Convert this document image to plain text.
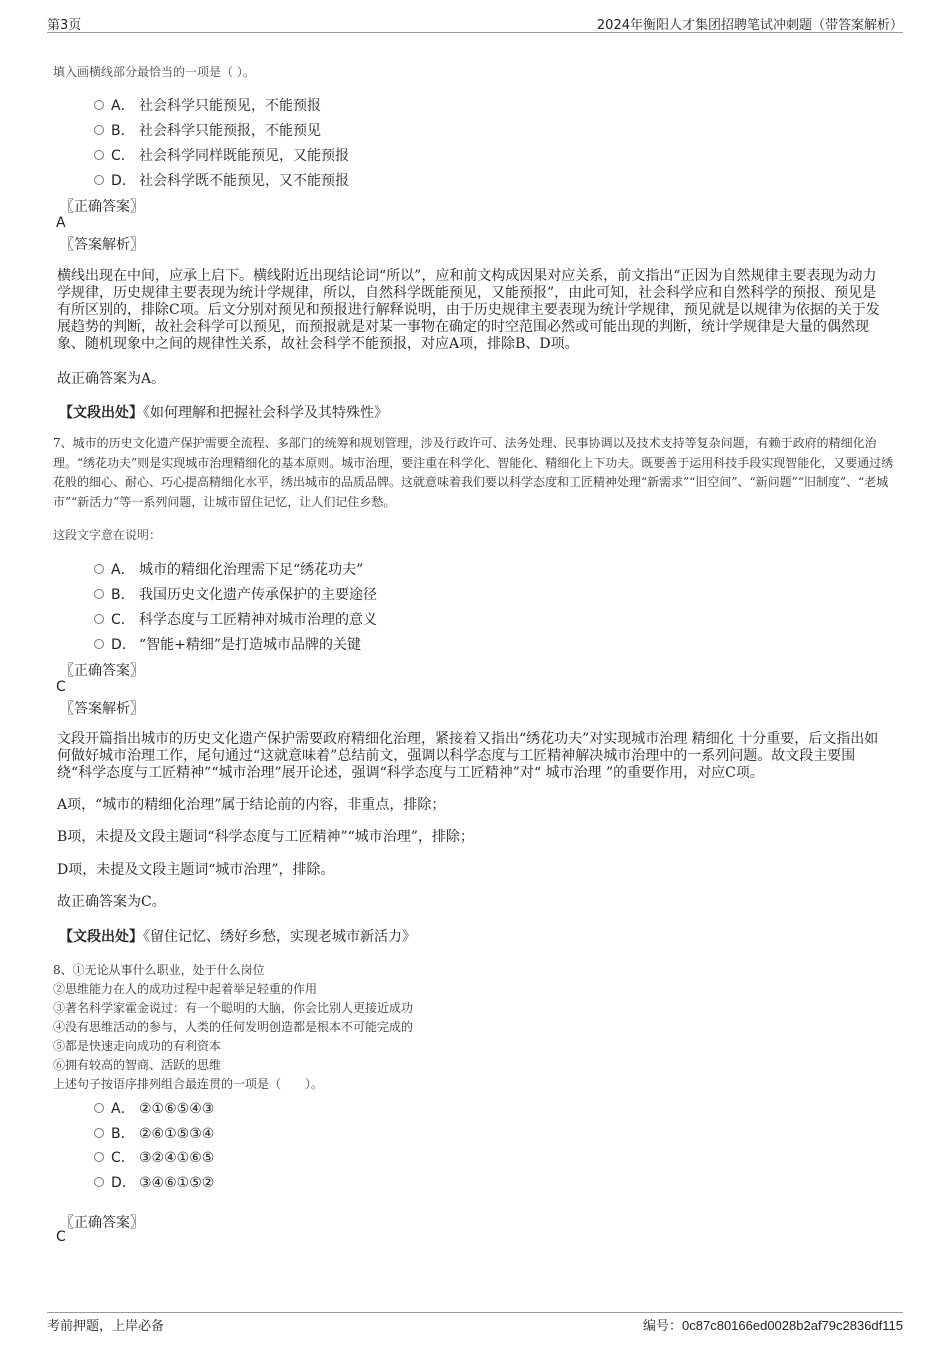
第3页	2024年衡阳人才集团招聘笔试冲刺题（带答案解析）
填入画横线部分最恰当的一项是（ ）。
A． 社会科学只能预见，不能预报
B． 社会科学只能预报，不能预见
C． 社会科学同样既能预见，又能预报
D． 社会科学既不能预见，又不能预报
〖正确答案〗
A
〖答案解析〗
横线出现在中间，应承上启下。横线附近出现结论词“所以”，应和前文构成因果对应关系，前文指出“正因为自然规律主要表现为动力学规律，历史规律主要表现为统计学规律，所以，自然科学既能预见，又能预报”，由此可知，社会科学应和自然科学的预报、预见是有所区别的，排除C项。后文分别对预见和预报进行解释说明，由于历史规律主要表现为统计学规律，预见就是以规律为依据的关于发展趋势的判断，故社会科学可以预见，而预报就是对某一事物在确定的时空范围必然或可能出现的判断，统计学规律是大量的偶然现象、随机现象中之间的规律性关系，故社会科学不能预报，对应A项，排除B、D项。
故正确答案为A。
【文段出处】《如何理解和把握社会科学及其特殊性》
7、城市的历史文化遗产保护需要全流程、多部门的统筹和规划管理，涉及行政许可、法务处理、民事协调以及技术支持等复杂问题，有赖于政府的精细化治理。“绣花功夫”则是实现城市治理精细化的基本原则。城市治理，要注重在科学化、智能化、精细化上下功夫。既要善于运用科技手段实现智能化，又要通过绣花般的细心、耐心、巧心提高精细化水平，绣出城市的品质品牌。这就意味着我们要以科学态度和工匠精神处理“新需求”“旧空间”、“新问题”“旧制度”、“老城市”“新活力”等一系列问题，让城市留住记忆，让人们记住乡愁。
这段文字意在说明：
A． 城市的精细化治理需下足“绣花功夫”
B． 我国历史文化遗产传承保护的主要途径
C． 科学态度与工匠精神对城市治理的意义
D． “智能+精细”是打造城市品牌的关键
〖正确答案〗
C
〖答案解析〗
文段开篇指出城市的历史文化遗产保护需要政府精细化治理，紧接着又指出“绣花功夫”对实现城市治理 精细化 十分重要，后文指出如何做好城市治理工作，尾句通过“这就意味着”总结前文，强调以科学态度与工匠精神解决城市治理中的一系列问题。故文段主要围绕“科学态度与工匠精神”“城市治理”展开论述，强调“科学态度与工匠精神”对“ 城市治理 ”的重要作用，对应C项。
A项，“城市的精细化治理”属于结论前的内容，非重点，排除；
B项，未提及文段主题词“科学态度与工匠精神”“城市治理”，排除；
D项，未提及文段主题词“城市治理”，排除。
故正确答案为C。
【文段出处】《留住记忆、绣好乡愁，实现老城市新活力》
8、①无论从事什么职业，处于什么岗位
②思维能力在人的成功过程中起着举足轻重的作用
③著名科学家霍金说过：有一个聪明的大脑，你会比别人更接近成功
④没有思维活动的参与，人类的任何发明创造都是根本不可能完成的
⑤都是快速走向成功的有利资本
⑥拥有较高的智商、活跃的思维
上述句子按语序排列组合最连贯的一项是（　　）。
A． ②①⑥⑤④③
B． ②⑥①⑤③④
C． ③②④①⑥⑤
D． ③④⑥①⑤②
〖正确答案〗
C
考前押题，上岸必备	编号：0c87c80166ed0028b2af79c2836df115
